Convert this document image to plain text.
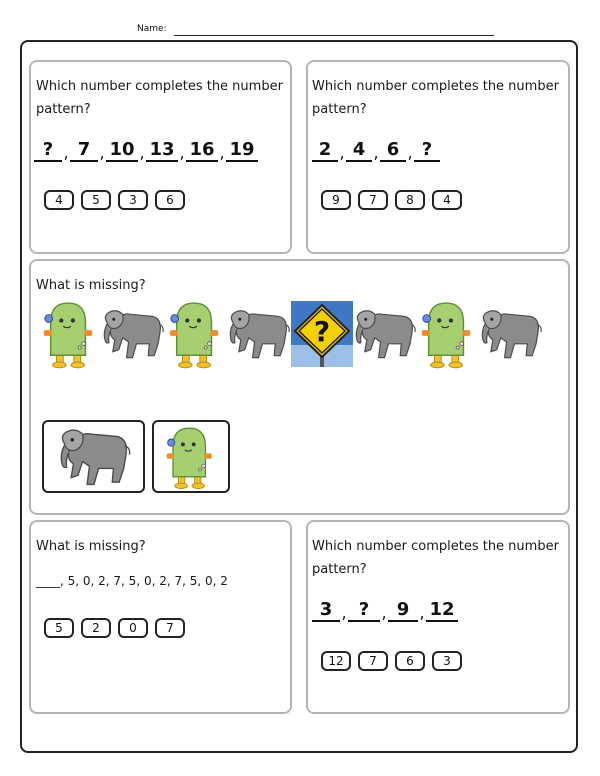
Name:
Which number completes the number pattern?
? , 7 , 10 , 13 , 16 , 19
4	5	3	6
Which number completes the number pattern?
2 , 4 , 6 , ?
9	7	8	4
What is missing?
What is missing?
____, 5, 0, 2, 7, 5, 0, 2, 7, 5, 0, 2
5	2	0	7
Which number completes the number pattern?
3 , ? , 9 , 12
12	7	6	3
